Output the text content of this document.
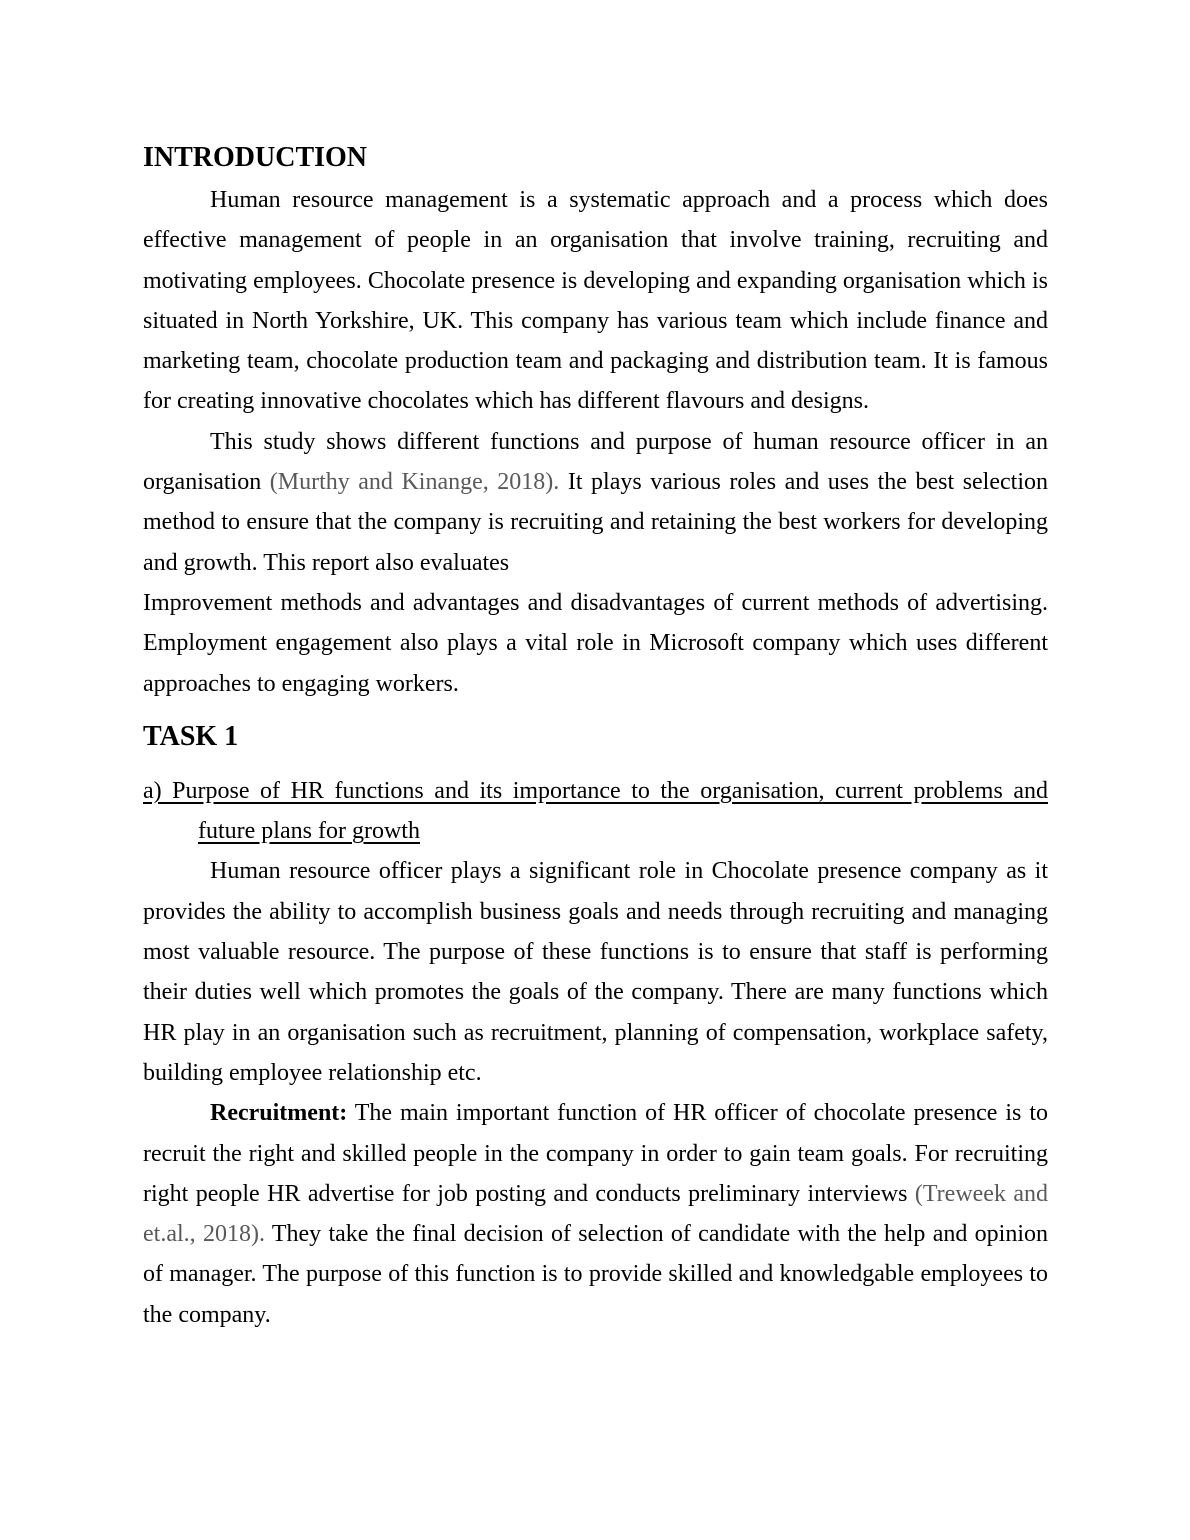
INTRODUCTION

Human resource management is a systematic approach and a process which does effective management of people in an organisation that involve training, recruiting and motivating employees. Chocolate presence is developing and expanding organisation which is situated in North Yorkshire, UK. This company has various team which include finance and marketing team, chocolate production team and packaging and distribution team. It is famous for creating innovative chocolates which has different flavours and designs.

This study shows different functions and purpose of human resource officer in an organisation (Murthy and Kinange, 2018). It plays various roles and uses the best selection method to ensure that the company is recruiting and retaining the best workers for developing and growth. This report also evaluates

Improvement methods and advantages and disadvantages of current methods of advertising. Employment engagement also plays a vital role in Microsoft company which uses different approaches to engaging workers.

TASK 1

a) Purpose of HR functions and its importance to the organisation, current problems and future plans for growth

Human resource officer plays a significant role in Chocolate presence company as it provides the ability to accomplish business goals and needs through recruiting and managing most valuable resource. The purpose of these functions is to ensure that staff is performing their duties well which promotes the goals of the company. There are many functions which HR play in an organisation such as recruitment, planning of compensation, workplace safety, building employee relationship etc.

Recruitment: The main important function of HR officer of chocolate presence is to recruit the right and skilled people in the company in order to gain team goals. For recruiting right people HR advertise for job posting and conducts preliminary interviews (Treweek and et.al., 2018). They take the final decision of selection of candidate with the help and opinion of manager. The purpose of this function is to provide skilled and knowledgable employees to the company.
